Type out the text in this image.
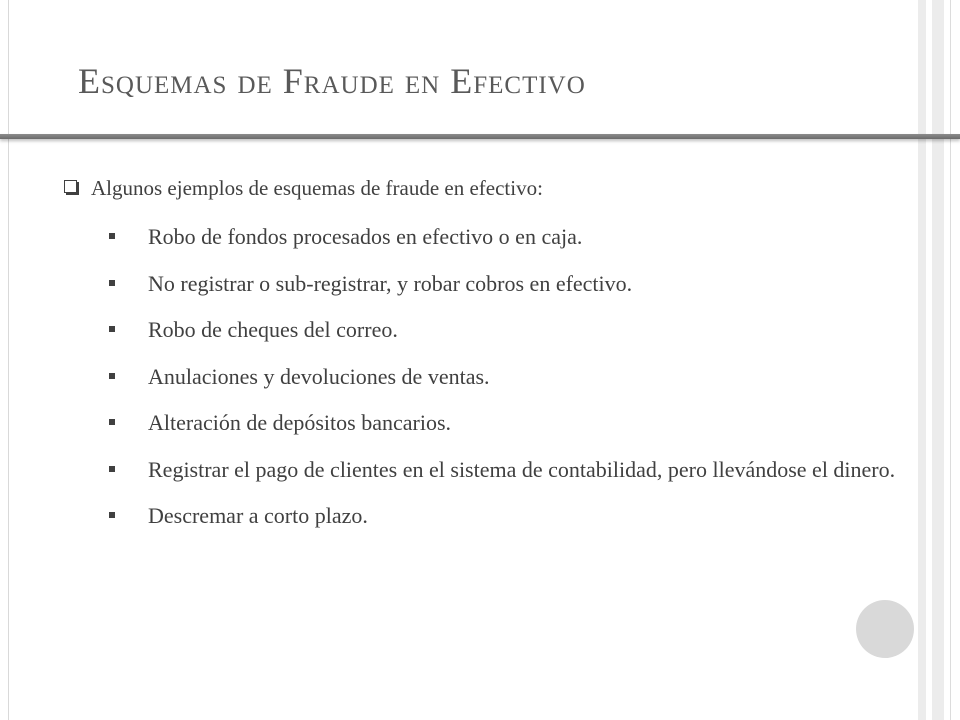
Esquemas de Fraude en Efectivo
Algunos ejemplos de esquemas de fraude en efectivo:
Robo de fondos procesados en efectivo o en caja.
No registrar o sub-registrar, y robar cobros en efectivo.
Robo de cheques del correo.
Anulaciones y devoluciones de ventas.
Alteración de depósitos bancarios.
Registrar el pago de clientes en el sistema de contabilidad, pero llevándose el dinero.
Descremar a corto plazo.
